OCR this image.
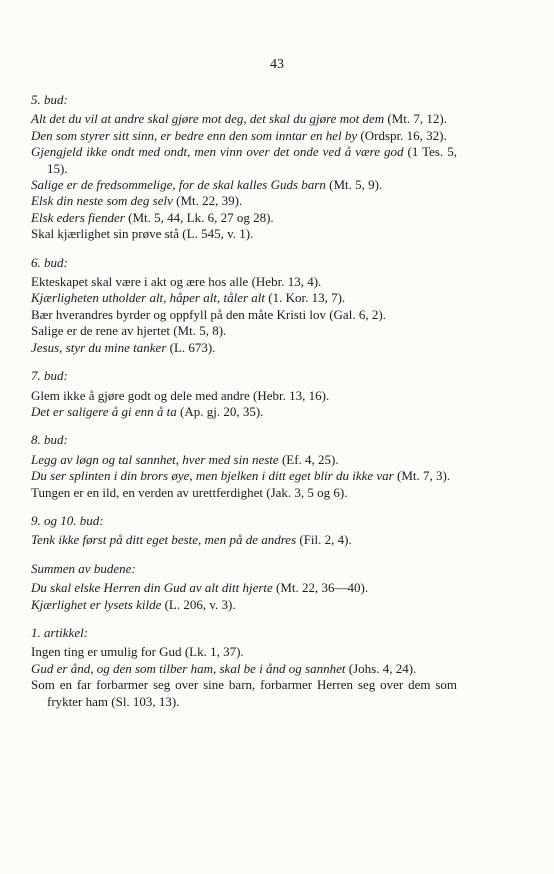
43
5. bud:
Alt det du vil at andre skal gjøre mot deg, det skal du gjøre mot dem (Mt. 7, 12).
Den som styrer sitt sinn, er bedre enn den som inntar en hel by (Ordspr. 16, 32).
Gjengjeld ikke ondt med ondt, men vinn over det onde ved å være god (1 Tes. 5, 15).
Salige er de fredsommelige, for de skal kalles Guds barn (Mt. 5, 9).
Elsk din neste som deg selv (Mt. 22, 39).
Elsk eders fiender (Mt. 5, 44, Lk. 6, 27 og 28).
Skal kjærlighet sin prøve stå (L. 545, v. 1).
6. bud:
Ekteskapet skal være i akt og ære hos alle (Hebr. 13, 4).
Kjærligheten utholder alt, håper alt, tåler alt (1. Kor. 13, 7).
Bær hverandres byrder og oppfyll på den måte Kristi lov (Gal. 6, 2).
Salige er de rene av hjertet (Mt. 5, 8).
Jesus, styr du mine tanker (L. 673).
7. bud:
Glem ikke å gjøre godt og dele med andre (Hebr. 13, 16).
Det er saligere å gi enn å ta (Ap. gj. 20, 35).
8. bud:
Legg av løgn og tal sannhet, hver med sin neste (Ef. 4, 25).
Du ser splinten i din brors øye, men bjelken i ditt eget blir du ikke var (Mt. 7, 3).
Tungen er en ild, en verden av urettferdighet (Jak. 3, 5 og 6).
9. og 10. bud:
Tenk ikke først på ditt eget beste, men på de andres (Fil. 2, 4).
Summen av budene:
Du skal elske Herren din Gud av alt ditt hjerte (Mt. 22, 36—40).
Kjærlighet er lysets kilde (L. 206, v. 3).
1. artikkel:
Ingen ting er umulig for Gud (Lk. 1, 37).
Gud er ånd, og den som tilber ham, skal be i ånd og sannhet (Johs. 4, 24).
Som en far forbarmer seg over sine barn, forbarmer Herren seg over dem som frykter ham (Sl. 103, 13).
